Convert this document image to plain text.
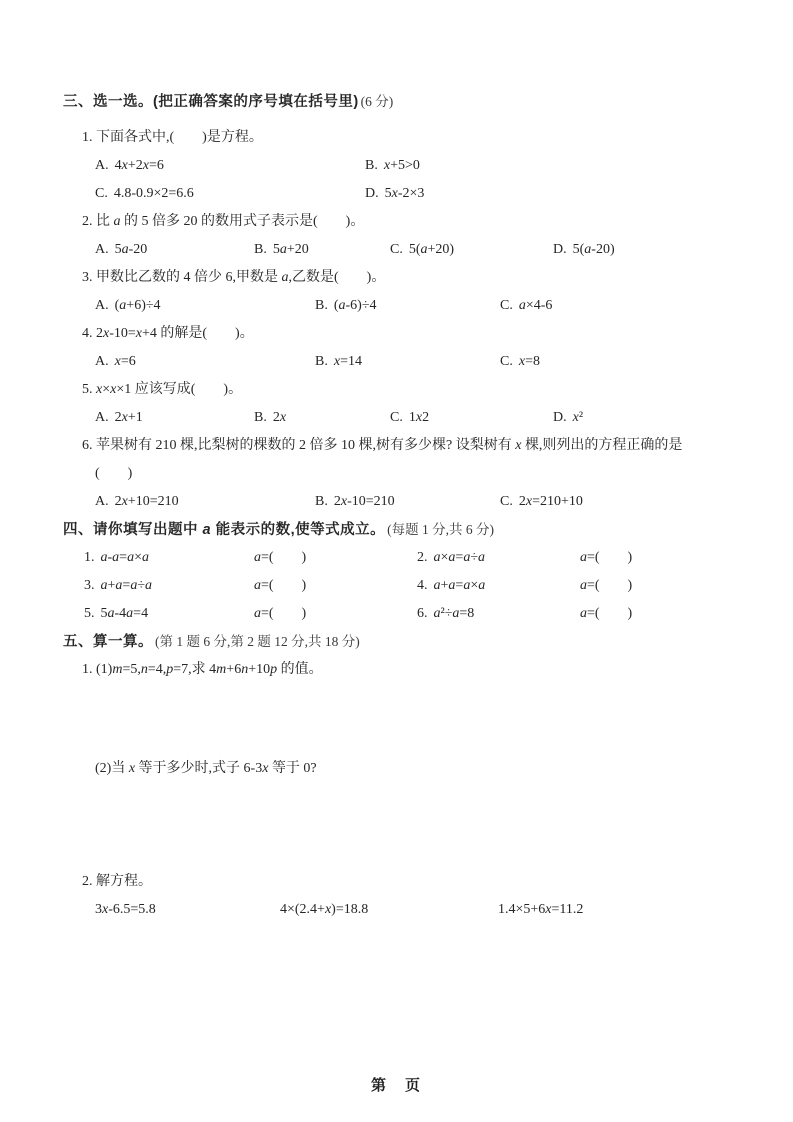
三、选一选。(把正确答案的序号填在括号里) (6 分)
1. 下面各式中,(　　)是方程。
A. 4x+2x=6	B. x+5>0
C. 4.8-0.9×2=6.6	D. 5x-2×3
2. 比 a 的 5 倍多 20 的数用式子表示是(　　)。
A. 5a-20	B. 5a+20	C. 5(a+20)	D. 5(a-20)
3. 甲数比乙数的 4 倍少 6,甲数是 a,乙数是(　　)。
A. (a+6)÷4	B. (a-6)÷4	C. a×4-6
4. 2x-10=x+4 的解是(　　)。
A. x=6	B. x=14	C. x=8
5. x×x×1 应该写成(　　)。
A. 2x+1	B. 2x	C. 1x2	D. x²
6. 苹果树有 210 棵,比梨树的棵数的 2 倍多 10 棵,树有多少棵? 设梨树有 x 棵,则列出的方程正确的是
(　　)
A. 2x+10=210	B. 2x-10=210	C. 2x=210+10
四、请你填写出题中 a 能表示的数,使等式成立。 (每题 1 分,共 6 分)
1. a-a=a×a	a=(　　)	2. a×a=a÷a	a=(　　)
3. a+a=a÷a	a=(　　)	4. a+a=a×a	a=(　　)
5. 5a-4a=4	a=(　　)	6. a²÷a=8	a=(　　)
五、算一算。 (第 1 题 6 分,第 2 题 12 分,共 18 分)
1. (1)m=5,n=4,p=7,求 4m+6n+10p 的值。
(2)当 x 等于多少时,式子 6-3x 等于 0?
2. 解方程。
3x-6.5=5.8	4×(2.4+x)=18.8	1.4×5+6x=11.2
第　页
